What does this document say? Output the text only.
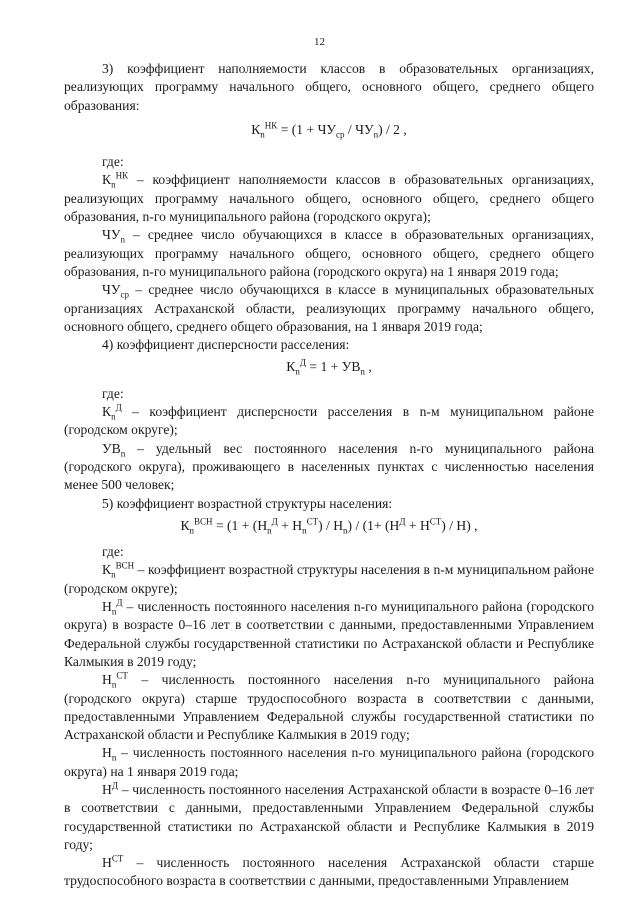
12

3) коэффициент наполняемости классов в образовательных организациях, реализующих программу начального общего, основного общего, среднего общего образования:

$К_n^{НК} = (1 + ЧУ_{ср} / ЧУ_n) / 2$ ,

где:

$К_n^{НК}$ – коэффициент наполняемости классов в образовательных организациях, реализующих программу начального общего, основного общего, среднего общего образования, n-го муниципального района (городского округа);

$ЧУ_n$ – среднее число обучающихся в классе в образовательных организациях, реализующих программу начального общего, основного общего, среднего общего образования, n-го муниципального района (городского округа) на 1 января 2019 года;

$ЧУ_{ср}$ – среднее число обучающихся в классе в муниципальных образовательных организациях Астраханской области, реализующих программу начального общего, основного общего, среднего общего образования, на 1 января 2019 года;

4) коэффициент дисперсности расселения:

$К_n^Д = 1 + УВ_n$ ,

где:

$К_n^Д$ – коэффициент дисперсности расселения в n-м муниципальном районе (городском округе);

$УВ_n$ – удельный вес постоянного населения n-го муниципального района (городского округа), проживающего в населенных пунктах с численностью населения менее 500 человек;

5) коэффициент возрастной структуры населения:

$К_n^{ВСН} = (1 + (Н_n^Д + Н_n^{СТ}) / Н_n) / (1+ (Н^Д + Н^{СТ}) / Н)$ ,

где:

$К_n^{ВСН}$ – коэффициент возрастной структуры населения в n-м муниципальном районе (городском округе);

$Н_n^Д$ – численность постоянного населения n-го муниципального района (городского округа) в возрасте 0–16 лет в соответствии с данными, предоставленными Управлением Федеральной службы государственной статистики по Астраханской области и Республике Калмыкия в 2019 году;

$Н_n^{СТ}$ – численность постоянного населения n-го муниципального района (городского округа) старше трудоспособного возраста в соответствии с данными, предоставленными Управлением Федеральной службы государственной статистики по Астраханской области и Республике Калмыкия в 2019 году;

$Н_n$ – численность постоянного населения n-го муниципального района (городского округа) на 1 января 2019 года;

$Н^Д$ – численность постоянного населения Астраханской области в возрасте 0–16 лет в соответствии с данными, предоставленными Управлением Федеральной службы государственной статистики по Астраханской области и Республике Калмыкия в 2019 году;

$Н^{СТ}$ – численность постоянного населения Астраханской области старше трудоспособного возраста в соответствии с данными, предоставленными Управлением
